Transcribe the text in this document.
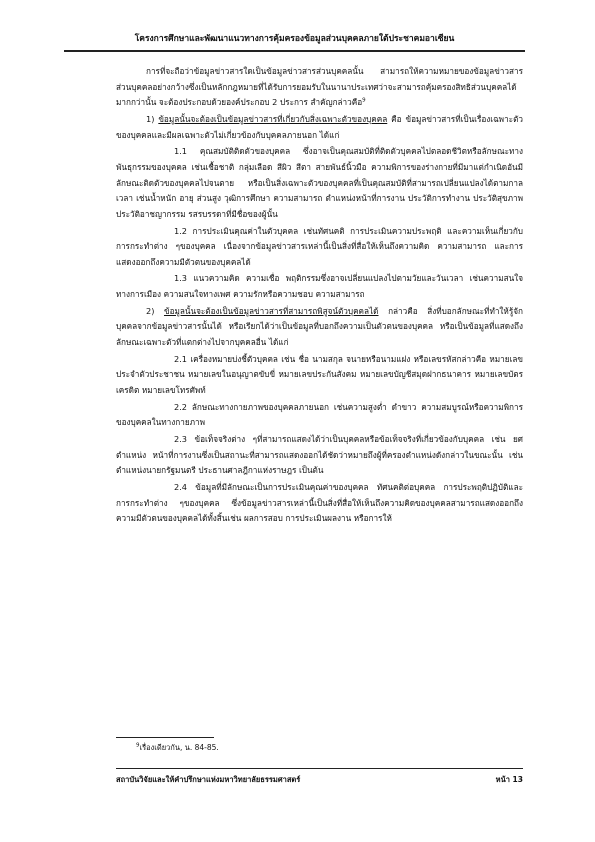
โครงการศึกษาและพัฒนาแนวทางการคุ้มครองข้อมูลส่วนบุคคลภายใต้ประชาคมอาเซียน

การที่จะถือว่าข้อมูลข่าวสารใดเป็นข้อมูลข่าวสารส่วนบุคคลนั้น สามารถให้ความหมายของข้อมูลข่าวสารส่วนบุคคลอย่างกว้างซึ่งเป็นหลักกฎหมายที่ได้รับการยอมรับในนานาประเทศว่าจะสามารถคุ้มครองสิทธิส่วนบุคคลได้มากกว่านั้น จะต้องประกอบด้วยองค์ประกอบ 2 ประการ สำคัญกล่าวคือ$^9$

1) ข้อมูลนั้นจะต้องเป็นข้อมูลข่าวสารที่เกี่ยวกับสิ่งเฉพาะตัวของบุคคล คือ ข้อมูลข่าวสารที่เป็นเรื่องเฉพาะตัวของบุคคลและมีผลเฉพาะตัวไม่เกี่ยวข้องกับบุคคลภายนอก ได้แก่

1.1 คุณสมบัติติดตัวของบุคคล ซึ่งอาจเป็นคุณสมบัติที่ติดตัวบุคคลไปตลอดชีวิตหรือลักษณะทางพันธุกรรมของบุคคล เช่นเชื้อชาติ กลุ่มเลือด สีผิว สีตา สายพันธ์นิ้วมือ ความพิการของร่างกายที่มีมาแต่กำเนิดอันมีลักษณะติดตัวของบุคคลไปจนตาย หรือเป็นสิ่งเฉพาะตัวของบุคคลที่เป็นคุณสมบัติที่สามารถเปลี่ยนแปลงได้ตามกาลเวลา เช่นน้ำหนัก อายุ ส่วนสูง วุฒิการศึกษา ความสามารถ ตำแหน่งหน้าที่การงาน ประวัติการทำงาน ประวัติสุขภาพ ประวัติอาชญากรรม รสรบรรดาที่มีชื่อของผู้นั้น

1.2 การประเมินคุณค่าในตัวบุคคล เช่นทัศนคติ การประเมินความประพฤติ และความเห็นเกี่ยวกับการกระทำต่าง ๆของบุคคล เนื่องจากข้อมูลข่าวสารเหล่านี้เป็นสิ่งที่สื่อให้เห็นถึงความคิด ความสามารถ และการแสดงออกถึงความมีตัวตนของบุคคลได้

1.3 แนวความคิด ความเชื่อ พฤติกรรมซึ่งอาจเปลี่ยนแปลงไปตามวัยและวันเวลา เช่นความสนใจทางการเมือง ความสนใจทางเพศ ความรักหรือความชอบ ความสามารถ

2) ข้อมูลนั้นจะต้องเป็นข้อมูลข่าวสารที่สามารถพิสูจน์ตัวบุคคลได้ กล่าวคือ สิ่งที่บอกลักษณะที่ทำให้รู้จักบุคคลจากข้อมูลข่าวสารนั้นได้ หรือเรียกได้ว่าเป็นข้อมูลที่บอกถึงความเป็นตัวตนของบุคคล หรือเป็นข้อมูลที่แสดงถึงลักษณะเฉพาะตัวที่แตกต่างไปจากบุคคลอื่น ได้แก่

2.1 เครื่องหมายบ่งชี้ตัวบุคคล เช่น ชื่อ นามสกุล จนายหรือนามแฝง หรือเลขรหัสกล่าวคือ หมายเลขประจำตัวประชาชน หมายเลขในอนุญาตขับขี่ หมายเลขประกันสังคม หมายเลขบัญชีสมุดฝากธนาคาร หมายเลขบัตรเครดิต หมายเลขโทรศัพท์

2.2 ลักษณะทางกายภาพของบุคคลภายนอก เช่นความสูงต่ำ ดำขาว ความสมบูรณ์หรือความพิการของบุคคลในทางกายภาพ

2.3 ข้อเท็จจริงต่าง ๆที่สามารถแสดงได้ว่าเป็นบุคคลหรือข้อเท็จจริงที่เกี่ยวข้องกับบุคคล เช่น ยศ ตำแหน่ง หน้าที่การงานซึ่งเป็นสถานะที่สามารถแสดงออกได้ชัดว่าหมายถึงผู้ที่ครองตำแหน่งดังกล่าวในขณะนั้น เช่นตำแหน่งนายกรัฐมนตรี ประธานศาลฎีกาแห่งราษฎร เป็นต้น

2.4 ข้อมูลที่มีลักษณะเป็นการประเมินคุณค่าของบุคคล ทัศนคติต่อบุคคล การประพฤติปฏิบัติและการกระทำต่าง ๆของบุคคล ซึ่งข้อมูลข่าวสารเหล่านี้เป็นสิ่งที่สื่อให้เห็นถึงความคิดของบุคคลสามารถแสดงออกถึงความมีตัวตนของบุคคลได้ทั้งสิ้นเช่น ผลการสอบ การประเมินผลงาน หรือการให้

$^9$เรื่องเดียวกัน, น. 84-85.
สถาบันวิจัยและให้คำปรึกษาแห่งมหาวิทยาลัยธรรมศาสตร์	หน้า 13
